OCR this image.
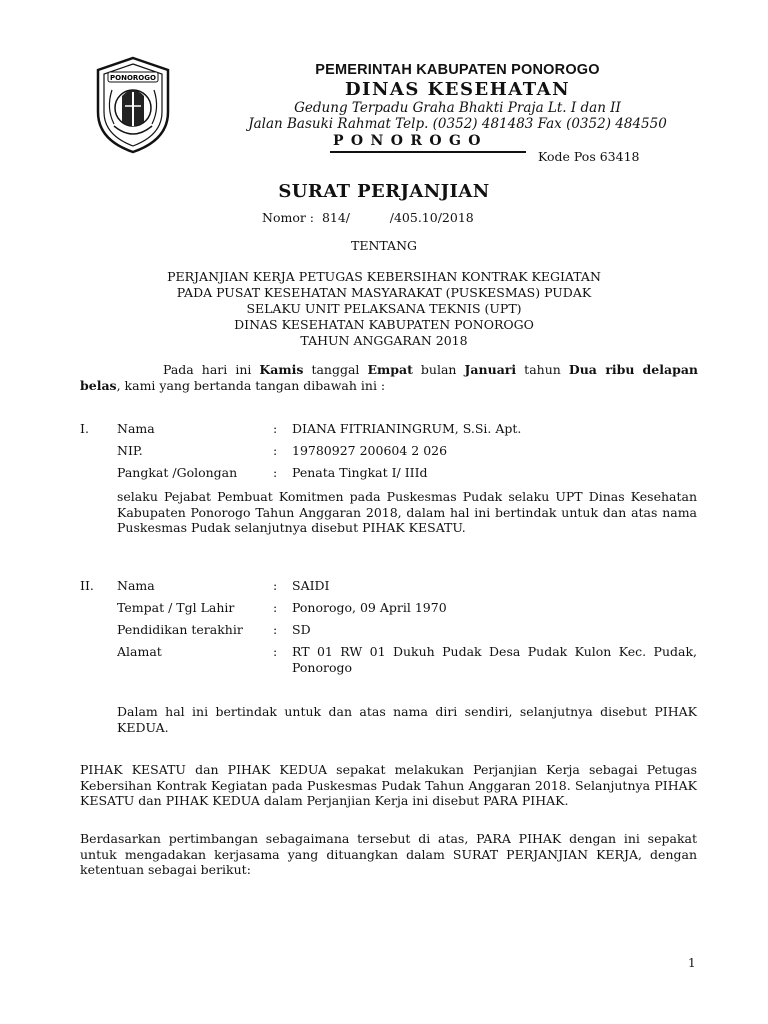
PONOROGO	PEMERINTAH KABUPATEN PONOROGO
DINAS KESEHATAN
Gedung Terpadu Graha Bhakti Praja Lt. I dan II
Jalan Basuki Rahmat Telp. (0352) 481483 Fax (0352) 484550
PONOROGO
Kode Pos 63418
SURAT PERJANJIAN
Nomor :  814/          /405.10/2018
TENTANG
PERJANJIAN KERJA PETUGAS KEBERSIHAN KONTRAK KEGIATAN
PADA PUSAT KESEHATAN MASYARAKAT (PUSKESMAS) PUDAK
SELAKU UNIT PELAKSANA TEKNIS (UPT)
DINAS KESEHATAN KABUPATEN PONOROGO
TAHUN ANGGARAN 2018
Pada hari ini Kamis tanggal Empat bulan Januari tahun Dua ribu delapan belas, kami yang bertanda tangan dibawah ini :
I. Nama	: DIANA FITRIANINGRUM, S.Si. Apt.
NIP.	: 19780927 200604 2 026
Pangkat /Golongan	: Penata Tingkat I/ IIId
selaku Pejabat Pembuat Komitmen pada Puskesmas Pudak selaku UPT Dinas Kesehatan Kabupaten Ponorogo Tahun Anggaran 2018, dalam hal ini bertindak untuk dan atas nama Puskesmas Pudak selanjutnya disebut PIHAK KESATU.
II. Nama	: SAIDI
Tempat / Tgl Lahir	: Ponorogo, 09 April 1970
Pendidikan terakhir : SD
Alamat	: RT 01 RW 01 Dukuh Pudak Desa Pudak Kulon Kec. Pudak, Ponorogo
Dalam hal ini bertindak untuk dan atas nama diri sendiri, selanjutnya disebut PIHAK KEDUA.
PIHAK KESATU dan PIHAK KEDUA sepakat melakukan Perjanjian Kerja sebagai Petugas Kebersihan Kontrak Kegiatan pada Puskesmas Pudak Tahun Anggaran 2018. Selanjutnya PIHAK KESATU dan PIHAK KEDUA dalam Perjanjian Kerja ini disebut PARA PIHAK.
Berdasarkan pertimbangan sebagaimana tersebut di atas, PARA PIHAK dengan ini sepakat untuk mengadakan kerjasama yang dituangkan dalam SURAT PERJANJIAN KERJA, dengan ketentuan sebagai berikut:
1
